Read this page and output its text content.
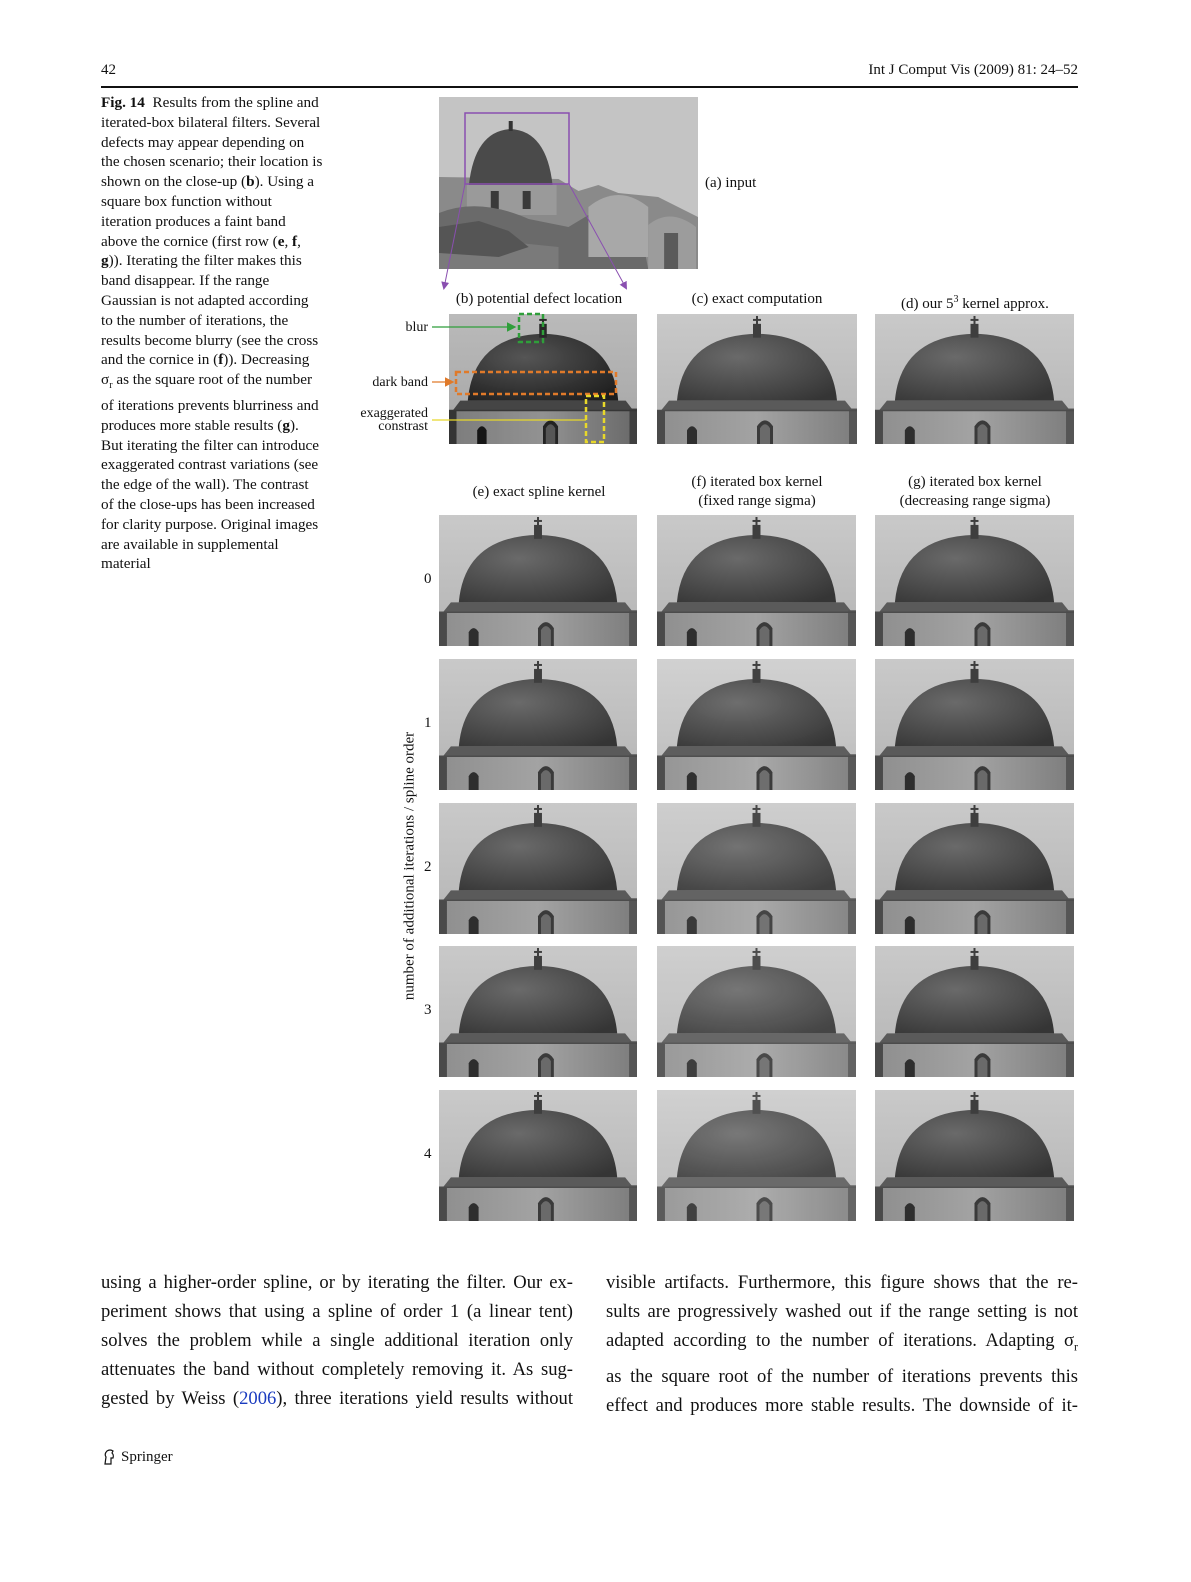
42	Int J Comput Vis (2009) 81: 24–52
Fig. 14 Results from the spline and iterated-box bilateral filters. Several defects may appear depending on the chosen scenario; their location is shown on the close-up (b). Using a square box function without iteration produces a faint band above the cornice (first row (e, f, g)). Iterating the filter makes this band disappear. If the range Gaussian is not adapted according to the number of iterations, the results become blurry (see the cross and the cornice in (f)). Decreasing $\sigma_r$ as the square root of the number of iterations prevents blurriness and produces more stable results (g). But iterating the filter can introduce exaggerated contrast variations (see the edge of the wall). The contrast of the close-ups has been increased for clarity purpose. Original images are available in supplemental material
(a) input
(b) potential defect location	(c) exact computation	(d) our $5^3$ kernel approx.
blur
dark band
exaggerated
constrast
(e) exact spline kernel
(f) iterated box kernel
(fixed range sigma)
(g) iterated box kernel
(decreasing range sigma)
0
1
2
3
4
number of additional iterations / spline order
using a higher-order spline, or by iterating the filter. Our ex-
periment shows that using a spline of order 1 (a linear tent)
solves the problem while a single additional iteration only
attenuates the band without completely removing it. As sug-
gested by Weiss (2006), three iterations yield results without
visible artifacts. Furthermore, this figure shows that the re-
sults are progressively washed out if the range setting is not
adapted according to the number of iterations. Adapting $\sigma_r$
as the square root of the number of iterations prevents this
effect and produces more stable results. The downside of it-
Springer
